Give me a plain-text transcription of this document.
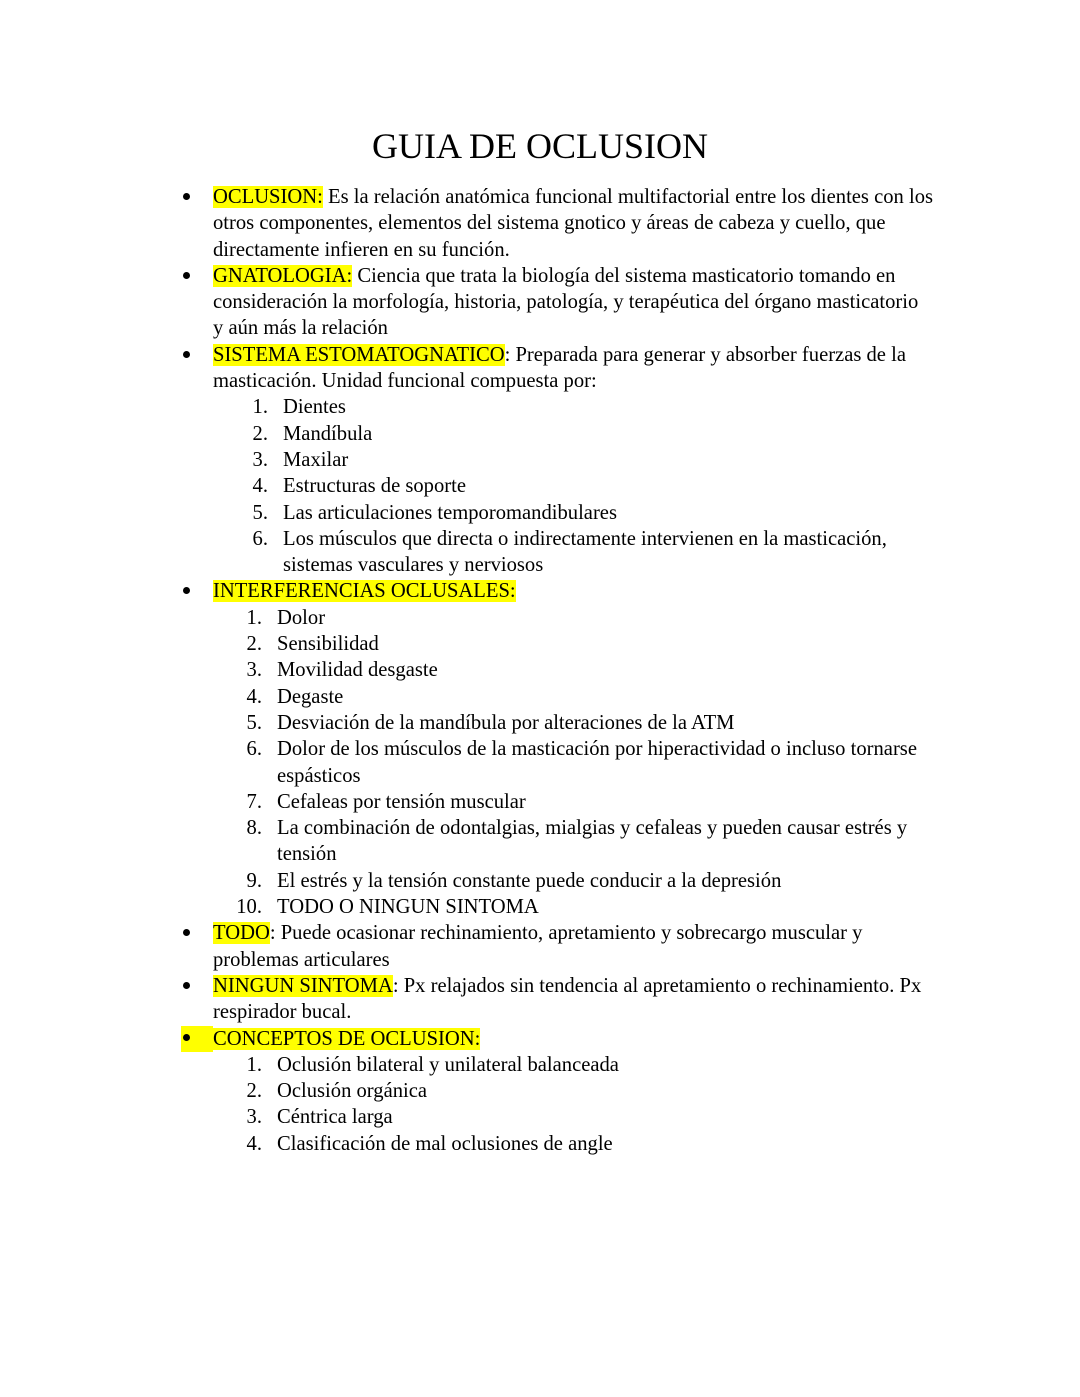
GUIA DE OCLUSION
OCLUSION: Es la relación anatómica funcional multifactorial entre los dientes con los otros componentes, elementos del sistema gnotico y áreas de cabeza y cuello, que directamente infieren en su función.
GNATOLOGIA: Ciencia que trata la biología del sistema masticatorio tomando en consideración la morfología, historia, patología, y terapéutica del órgano masticatorio y aún más la relación
SISTEMA ESTOMATOGNATICO: Preparada para generar y absorber fuerzas de la masticación. Unidad funcional compuesta por:
1. Dientes
2. Mandíbula
3. Maxilar
4. Estructuras de soporte
5. Las articulaciones temporomandibulares
6. Los músculos que directa o indirectamente intervienen en la masticación, sistemas vasculares y nerviosos
INTERFERENCIAS OCLUSALES:
1. Dolor
2. Sensibilidad
3. Movilidad desgaste
4. Degaste
5. Desviación de la mandíbula por alteraciones de la ATM
6. Dolor de los músculos de la masticación por hiperactividad o incluso tornarse espásticos
7. Cefaleas por tensión muscular
8. La combinación de odontalgias, mialgias y cefaleas y pueden causar estrés y tensión
9. El estrés y la tensión constante puede conducir a la depresión
10. TODO O NINGUN SINTOMA
TODO: Puede ocasionar rechinamiento, apretamiento y sobrecargo muscular y problemas articulares
NINGUN SINTOMA: Px relajados sin tendencia al apretamiento o rechinamiento. Px respirador bucal.
CONCEPTOS DE OCLUSION:
1. Oclusión bilateral y unilateral balanceada
2. Oclusión orgánica
3. Céntrica larga
4. Clasificación de mal oclusiones de angle
